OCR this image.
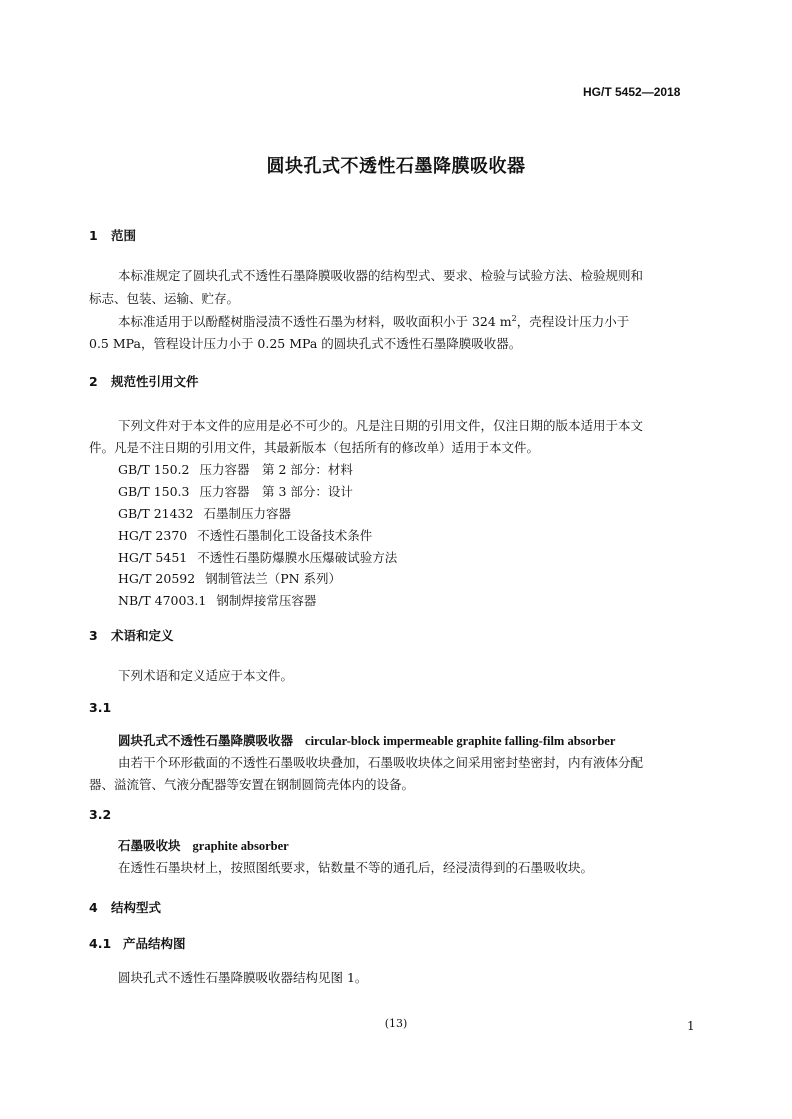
HG/T 5452—2018
圆块孔式不透性石墨降膜吸收器
1 范围
本标准规定了圆块孔式不透性石墨降膜吸收器的结构型式、要求、检验与试验方法、检验规则和
标志、包装、运输、贮存。
本标准适用于以酚醛树脂浸渍不透性石墨为材料，吸收面积小于 324 $m^2$，壳程设计压力小于
0.5 MPa，管程设计压力小于 0.25 MPa 的圆块孔式不透性石墨降膜吸收器。
2 规范性引用文件
下列文件对于本文件的应用是必不可少的。凡是注日期的引用文件，仅注日期的版本适用于本文
件。凡是不注日期的引用文件，其最新版本（包括所有的修改单）适用于本文件。
GB/T 150.2 压力容器　第 2 部分：材料
GB/T 150.3 压力容器　第 3 部分：设计
GB/T 21432 石墨制压力容器
HG/T 2370 不透性石墨制化工设备技术条件
HG/T 5451 不透性石墨防爆膜水压爆破试验方法
HG/T 20592 钢制管法兰（PN 系列）
NB/T 47003.1 钢制焊接常压容器
3 术语和定义
下列术语和定义适应于本文件。
3.1
圆块孔式不透性石墨降膜吸收器 circular-block impermeable graphite falling-film absorber
由若干个环形截面的不透性石墨吸收块叠加，石墨吸收块体之间采用密封垫密封，内有液体分配
器、溢流管、气液分配器等安置在钢制圆筒壳体内的设备。
3.2
石墨吸收块 graphite absorber
在透性石墨块材上，按照图纸要求，钻数量不等的通孔后，经浸渍得到的石墨吸收块。
4 结构型式
4.1 产品结构图
圆块孔式不透性石墨降膜吸收器结构见图 1。
(13)	1
